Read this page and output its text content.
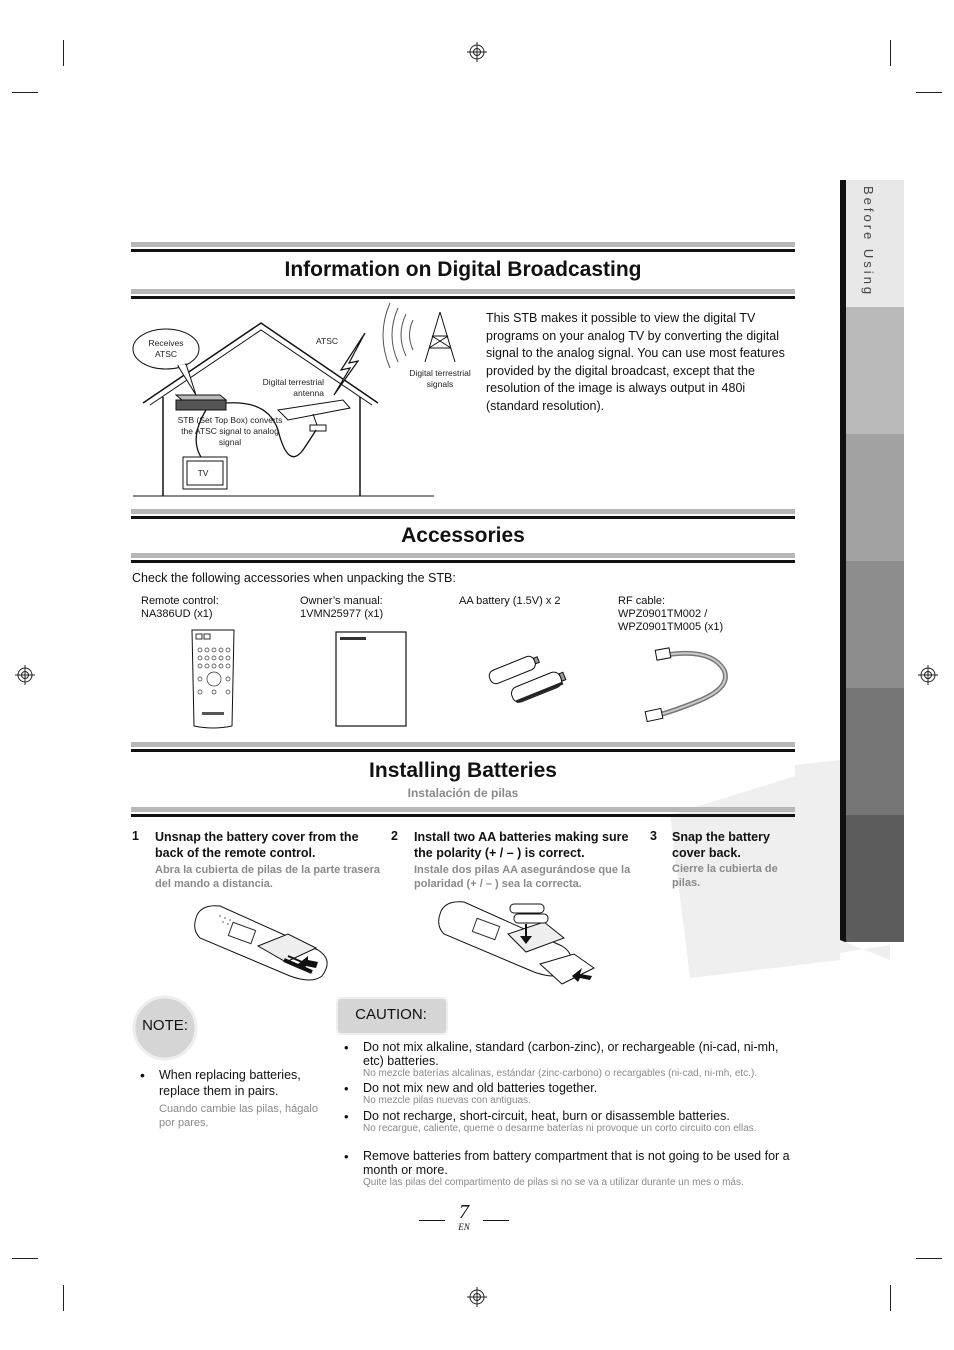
Before Using
Information on Digital Broadcasting
Receives ATSC
ATSC
Digital terrestrial antenna
Digital terrestrial signals
STB (Set Top Box) converts the ATSC signal to analog signal
TV
This STB makes it possible to view the digital TV programs on your analog TV by converting the digital signal to the analog signal. You can use most features provided by the digital broadcast, except that the resolution of the image is always output in 480i (standard resolution).
Accessories
Check the following accessories when unpacking the STB:
Remote control:
NA386UD (x1)
Owner’s manual:
1VMN25977 (x1)
AA battery (1.5V) x 2	RF cable:
WPZ0901TM002 /
WPZ0901TM005 (x1)
Installing Batteries
Instalación de pilas
1 Unsnap the battery cover from the back of the remote control.
Abra la cubierta de pilas de la parte trasera del mando a distancia.
2 Install two AA batteries making sure the polarity (+ / – ) is correct.
Instale dos pilas AA asegurándose que la polaridad (+ / – ) sea la correcta.
3 Snap the battery cover back.
Cierre la cubierta de pilas.
NOTE:
• When replacing batteries, replace them in pairs.
Cuando cambie las pilas, hágalo por pares.
CAUTION:
• Do not mix alkaline, standard (carbon-zinc), or rechargeable (ni-cad, ni-mh, etc) batteries.
No mezcle baterías alcalinas, estándar (zinc-carbono) o recargables (ni-cad, ni-mh, etc.).
• Do not mix new and old batteries together.
No mezcle pilas nuevas con antiguas.
• Do not recharge, short-circuit, heat, burn or disassemble batteries.
No recargue, caliente, queme o desarme baterías ni provoque un corto circuito con ellas.
• Remove batteries from battery compartment that is not going to be used for a month or more.
Quite las pilas del compartimento de pilas si no se va a utilizar durante un mes o más.
7
EN
